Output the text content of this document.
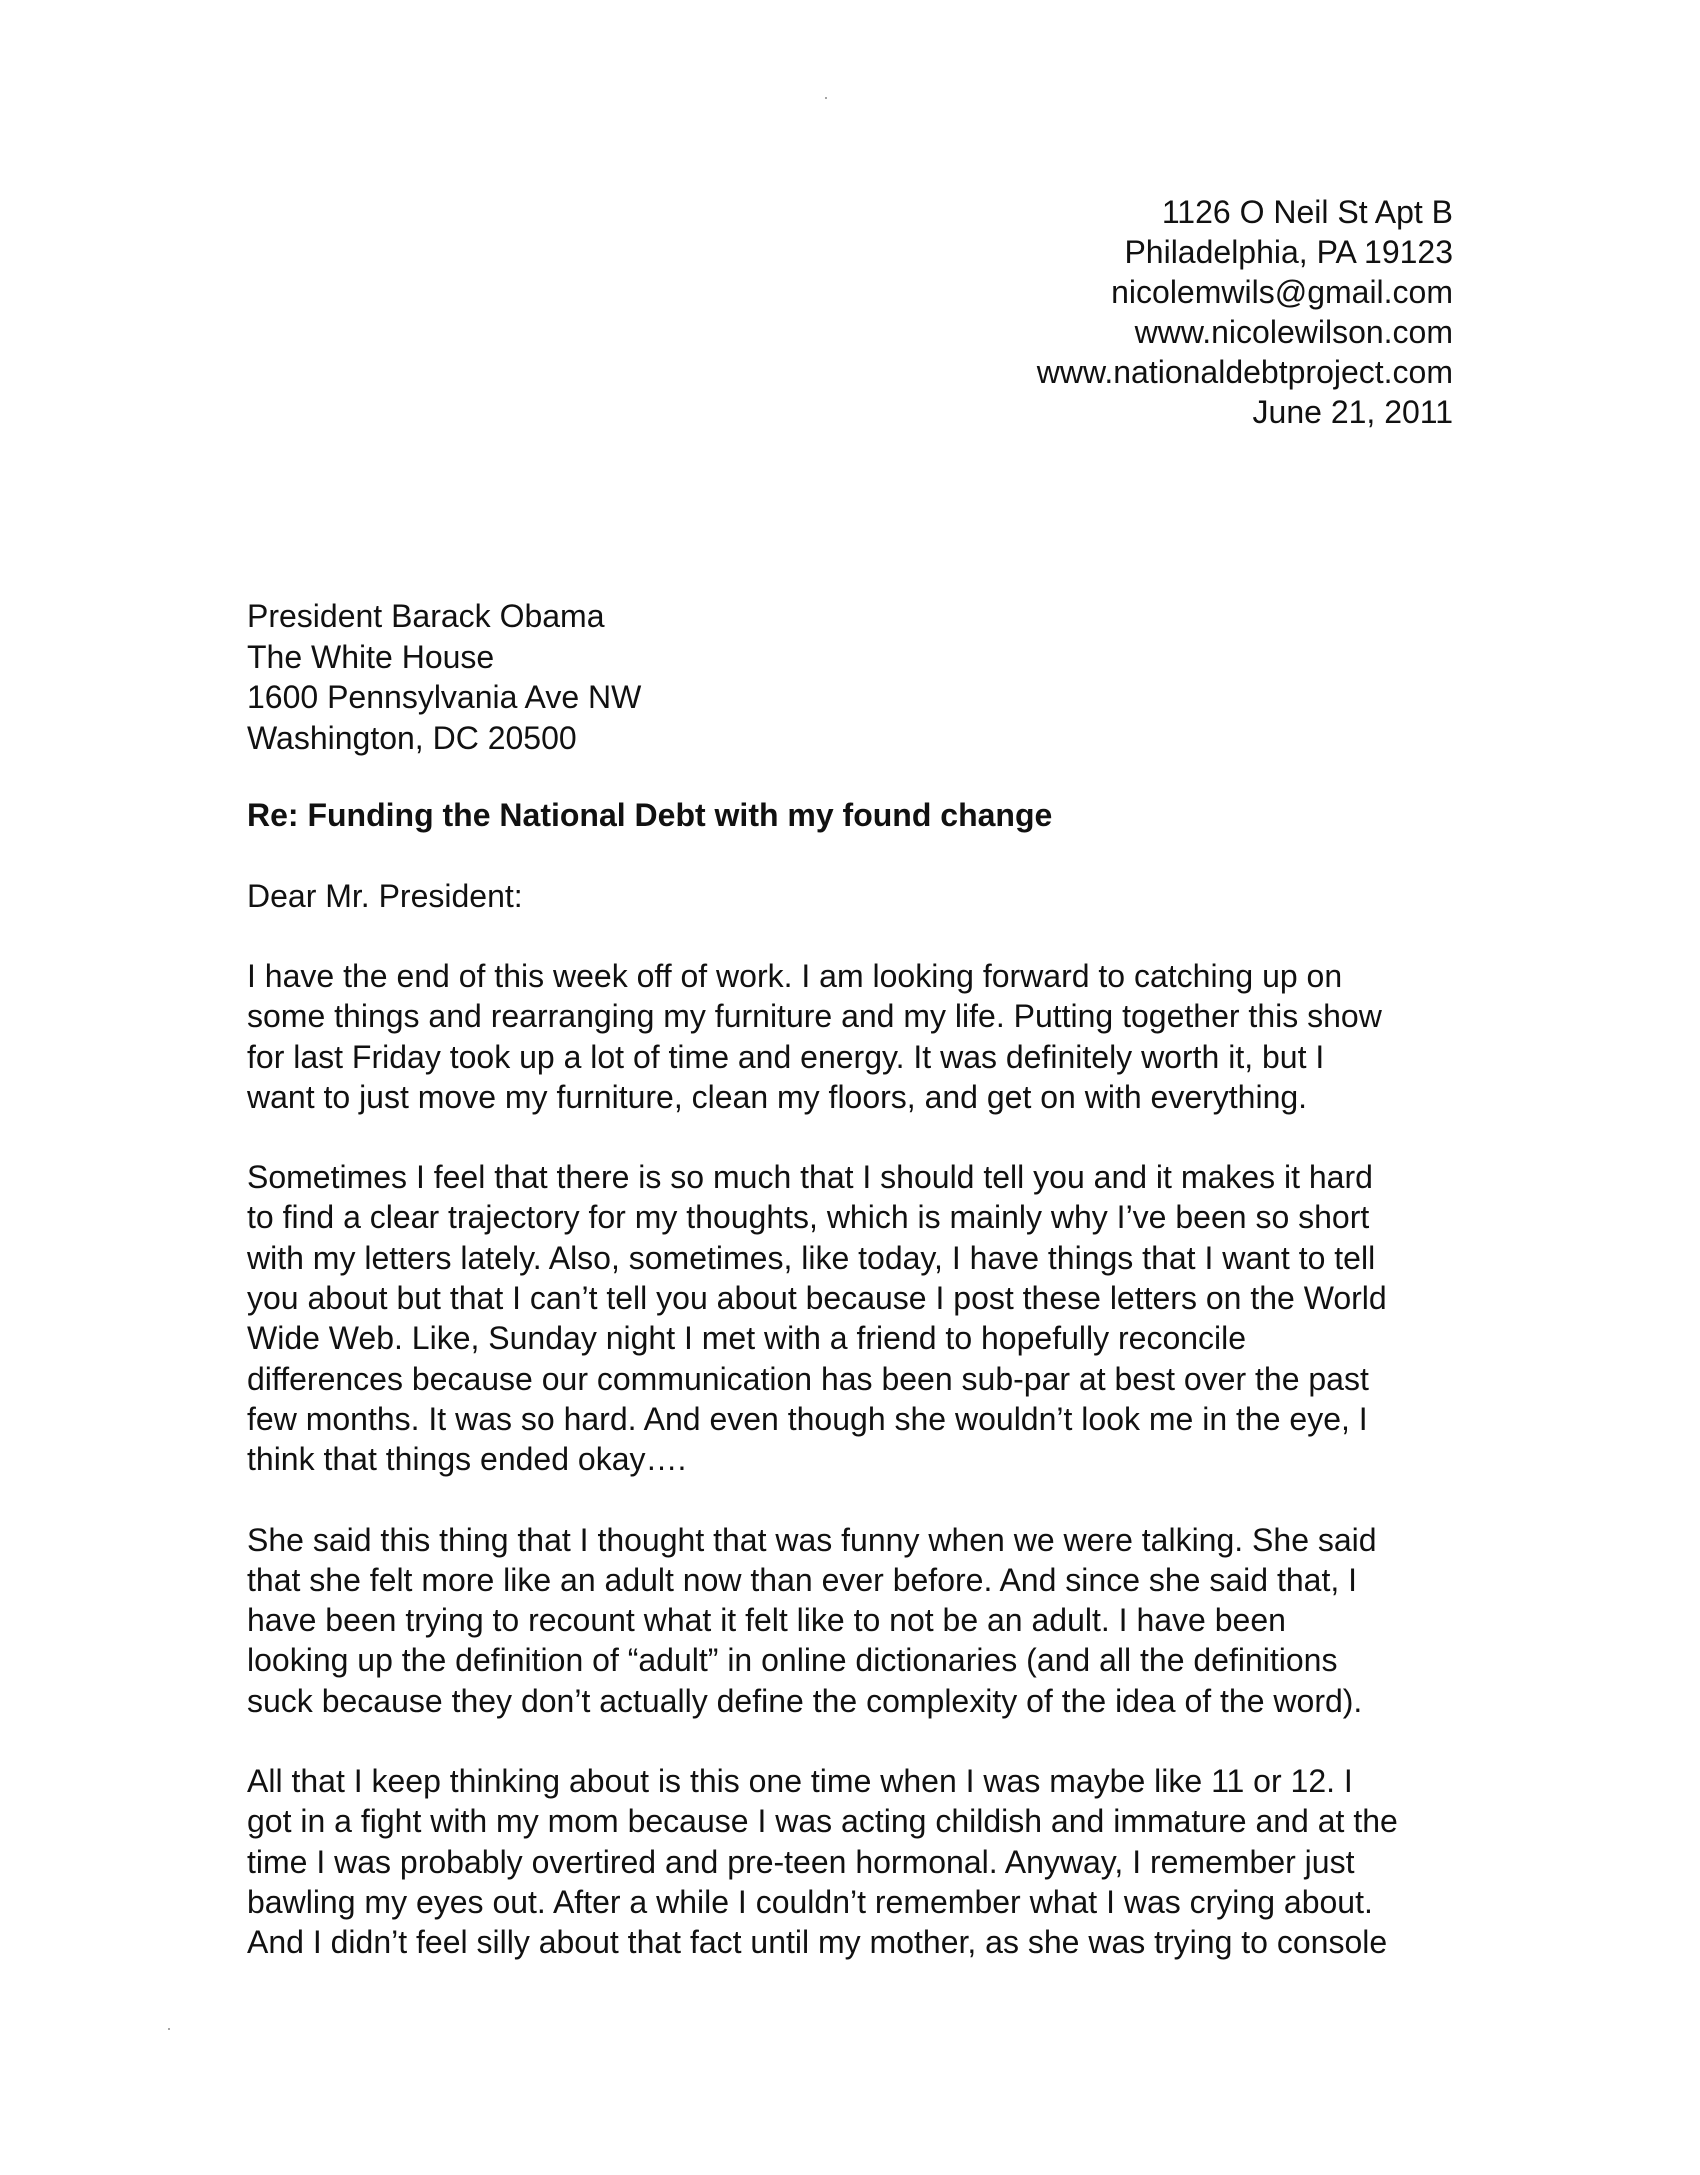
1126 O Neil St Apt B
Philadelphia, PA 19123
nicolemwils@gmail.com
www.nicolewilson.com
www.nationaldebtproject.com
June 21, 2011
President Barack Obama
The White House
1600 Pennsylvania Ave NW
Washington, DC 20500
Re: Funding the National Debt with my found change
Dear Mr. President:
I have the end of this week off of work. I am looking forward to catching up on
some things and rearranging my furniture and my life. Putting together this show
for last Friday took up a lot of time and energy. It was definitely worth it, but I
want to just move my furniture, clean my floors, and get on with everything.
Sometimes I feel that there is so much that I should tell you and it makes it hard
to find a clear trajectory for my thoughts, which is mainly why I’ve been so short
with my letters lately. Also, sometimes, like today, I have things that I want to tell
you about but that I can’t tell you about because I post these letters on the World
Wide Web. Like, Sunday night I met with a friend to hopefully reconcile
differences because our communication has been sub-par at best over the past
few months. It was so hard. And even though she wouldn’t look me in the eye, I
think that things ended okay….
She said this thing that I thought that was funny when we were talking. She said
that she felt more like an adult now than ever before. And since she said that, I
have been trying to recount what it felt like to not be an adult. I have been
looking up the definition of “adult” in online dictionaries (and all the definitions
suck because they don’t actually define the complexity of the idea of the word).
All that I keep thinking about is this one time when I was maybe like 11 or 12. I
got in a fight with my mom because I was acting childish and immature and at the
time I was probably overtired and pre-teen hormonal. Anyway, I remember just
bawling my eyes out. After a while I couldn’t remember what I was crying about.
And I didn’t feel silly about that fact until my mother, as she was trying to console
